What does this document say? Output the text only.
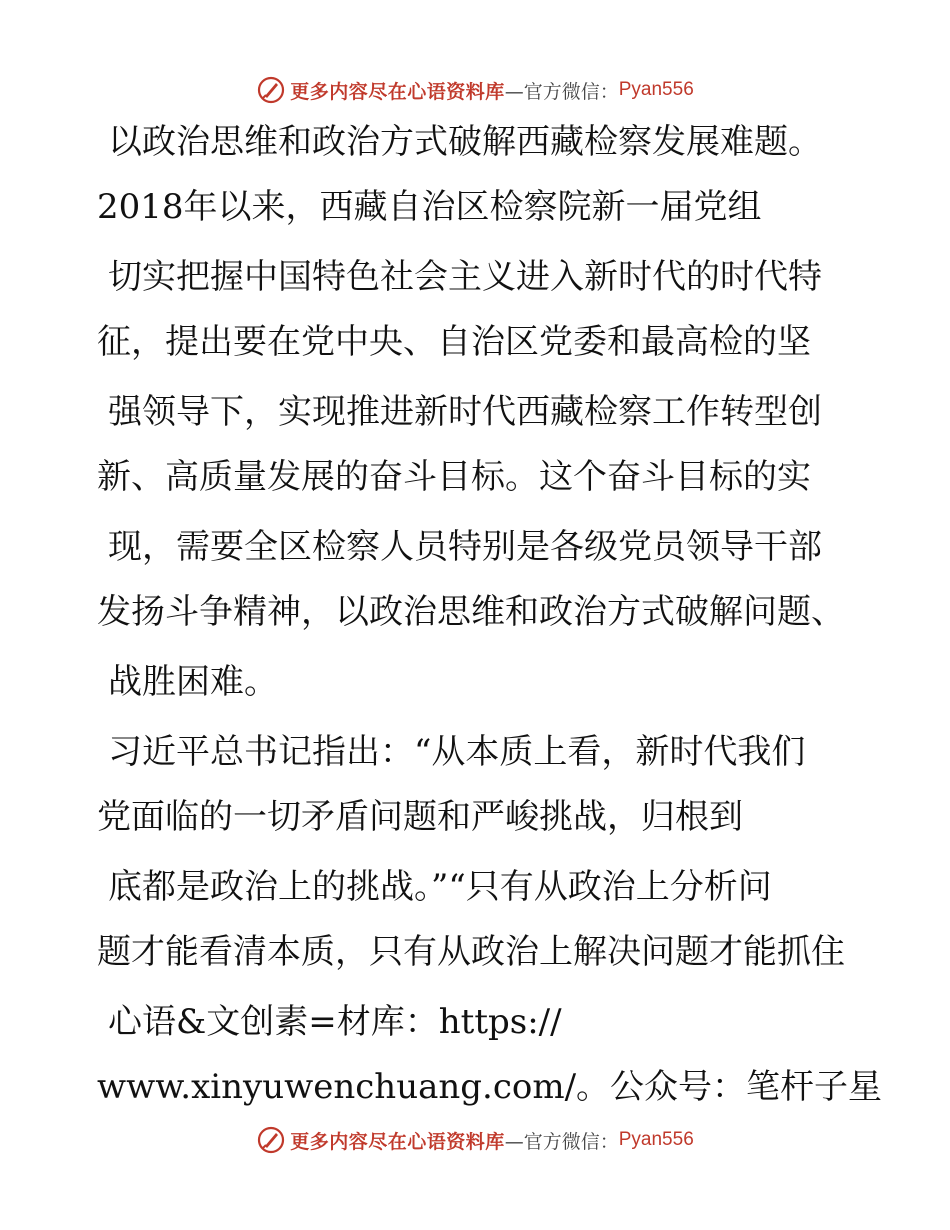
更多内容尽在心语资料库 —官方微信： Pyan556
以政治思维和政治方式破解西藏检察发展难题。
2018年以来，西藏自治区检察院新一届党组
切实把握中国特色社会主义进入新时代的时代特
征，提出要在党中央、自治区党委和最高检的坚
强领导下，实现推进新时代西藏检察工作转型创
新、高质量发展的奋斗目标。这个奋斗目标的实
现，需要全区检察人员特别是各级党员领导干部
发扬斗争精神，以政治思维和政治方式破解问题、
战胜困难。
习近平总书记指出：“从本质上看，新时代我们
党面临的一切矛盾问题和严峻挑战，归根到
底都是政治上的挑战。”“只有从政治上分析问
题才能看清本质，只有从政治上解决问题才能抓住
心语&文创素=材库：https://
www.xinyuwenchuang.com/。公众号：笔杆子星
更多内容尽在心语资料库 —官方微信： Pyan556
